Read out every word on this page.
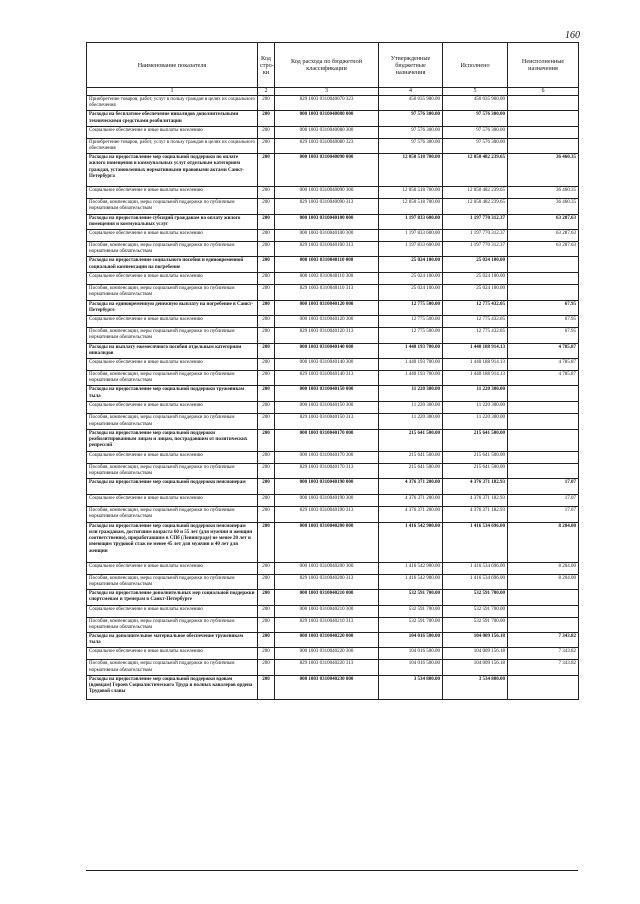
160
Наименование показателя	Код стро-ки	Код расхода по бюджетной классификации	Утвержденные бюджетные назначения	Исполнено	Неисполненные назначения
1	2	3	4	5	6
Приобретение товаров, работ, услуг в пользу граждан в целях их социального обеспечения	200	829 1003 0310040070 323	450 035 900.00	450 035 900.00	
Расходы на бесплатное обеспечение инвалидов дополнительными техническими средствами реабилитации	200	000 1003 0310040080 000	97 576 300.00	97 576 300.00	
Социальное обеспечение и иные выплаты населению	200	000 1003 0310040080 300	97 576 300.00	97 576 300.00	
Приобретение товаров, работ, услуг в пользу граждан в целях их социального обеспечения	200	829 1003 0310040080 323	97 576 300.00	97 576 300.00	
Расходы на предоставление мер социальной поддержки по оплате жилого помещения и коммунальных услуг отдельным категориям граждан, установленных нормативными правовыми актами Санкт-Петербурга	200	000 1003 0310040090 000	12 050 518 700.00	12 050 482 239.65	36 460.35
Социальное обеспечение и иные выплаты населению	200	000 1003 0310040090 300	12 050 518 700.00	12 050 482 239.65	36 460.35
Пособия, компенсации, меры социальной поддержки по публичным нормативным обязательствам	200	829 1003 0310040090 313	12 050 518 700.00	12 050 482 239.65	36 460.35
Расходы на предоставление субсидий гражданам на оплату жилого помещения и коммунальных услуг	200	000 1003 0310040100 000	1 197 833 600.00	1 197 770 312.37	63 287.63
Социальное обеспечение и иные выплаты населению	200	000 1003 0310040100 300	1 197 833 600.00	1 197 770 312.37	63 287.63
Пособия, компенсации, меры социальной поддержки по публичным нормативным обязательствам	200	829 1003 0310040100 313	1 197 833 600.00	1 197 770 312.37	63 287.63
Расходы на предоставление социального пособия и единовременной социальной компенсации на погребение	200	000 1003 0310040110 000	25 024 100.00	25 024 100.00	
Социальное обеспечение и иные выплаты населению	200	000 1003 0310040110 300	25 024 100.00	25 024 100.00	
Пособия, компенсации, меры социальной поддержки по публичным нормативным обязательствам	200	829 1003 0310040110 313	25 024 100.00	25 024 100.00	
Расходы на единовременную денежную выплату на погребение в Санкт-Петербурге	200	000 1003 0310040120 000	12 775 500.00	12 775 432.05	67.95
Социальное обеспечение и иные выплаты населению	200	000 1003 0310040120 300	12 775 500.00	12 775 432.05	67.95
Пособия, компенсации, меры социальной поддержки по публичным нормативным обязательствам	200	829 1003 0310040120 313	12 775 500.00	12 775 432.05	67.95
Расходы на выплату ежемесячного пособия отдельным категориям инвалидов	200	000 1003 0310040140 000	1 440 193 700.00	1 440 188 914.13	4 785.87
Социальное обеспечение и иные выплаты населению	200	000 1003 0310040140 300	1 440 193 700.00	1 440 188 914.13	4 785.87
Пособия, компенсации, меры социальной поддержки по публичным нормативным обязательствам	200	829 1003 0310040140 313	1 440 193 700.00	1 440 188 914.13	4 785.87
Расходы на предоставление мер социальной поддержки труженикам тыла	200	000 1003 0310040150 000	11 220 300.00	11 220 300.00	
Социальное обеспечение и иные выплаты населению	200	000 1003 0310040150 300	11 220 300.00	11 220 300.00	
Пособия, компенсации, меры социальной поддержки по публичным нормативным обязательствам	200	829 1003 0310040150 313	11 220 300.00	11 220 300.00	
Расходы на предоставление мер социальной поддержки реабилитированным лицам и лицам, пострадавшим от политических репрессий	200	000 1003 0310040170 000	215 641 500.00	215 641 500.00	
Социальное обеспечение и иные выплаты населению	200	000 1003 0310040170 300	215 641 500.00	215 641 500.00	
Пособия, компенсации, меры социальной поддержки по публичным нормативным обязательствам	200	829 1003 0310040170 313	215 641 500.00	215 641 500.00	
Расходы на предоставление мер социальной поддержки пенсионерам	200	000 1003 0310040190 000	4 376 371 200.00	4 376 371 182.93	17.07
Социальное обеспечение и иные выплаты населению	200	000 1003 0310040190 300	4 376 371 200.00	4 376 371 182.93	17.07
Пособия, компенсации, меры социальной поддержки по публичным нормативным обязательствам	200	829 1003 0310040190 313	4 376 371 200.00	4 376 371 182.93	17.07
Расходы на предоставление мер социальной поддержки пенсионерам или гражданам, достигшим возраста 60 и 55 лет (для мужчин и женщин соответственно), проработавшим в СПб (Ленинграде) не менее 20 лет и имеющим трудовой стаж не менее 45 лет для мужчин и 40 лет для женщин	200	000 1003 0310040200 000	1 416 542 900.00	1 416 534 696.00	8 204.00
Социальное обеспечение и иные выплаты населению	200	000 1003 0310040200 300	1 416 542 900.00	1 416 534 696.00	8 204.00
Пособия, компенсации, меры социальной поддержки по публичным нормативным обязательствам	200	829 1003 0310040200 313	1 416 542 900.00	1 416 534 696.00	8 204.00
Расходы на предоставление дополнительных мер социальной поддержки спортсменам и тренерам в Санкт-Петербурге	200	000 1003 0310040210 000	532 591 700.00	532 591 700.00	
Социальное обеспечение и иные выплаты населению	200	000 1003 0310040210 300	532 591 700.00	532 591 700.00	
Пособия, компенсации, меры социальной поддержки по публичным нормативным обязательствам	200	829 1003 0310040210 313	532 591 700.00	532 591 700.00	
Расходы на дополнительное материальное обеспечение труженикам тыла	200	000 1003 0310040220 000	104 016 500.00	104 009 156.18	7 343.82
Социальное обеспечение и иные выплаты населению	200	000 1003 0310040220 300	104 016 500.00	104 009 156.18	7 343.82
Пособия, компенсации, меры социальной поддержки по публичным нормативным обязательствам	200	829 1003 0310040220 313	104 016 500.00	104 009 156.18	7 343.82
Расходы на предоставление мер социальной поддержки вдовам (вдовцам) Героев Социалистического Труда и полных кавалеров ордена Трудовой славы	200	000 1003 0310040230 000	3 534 800.00	3 534 800.00	
